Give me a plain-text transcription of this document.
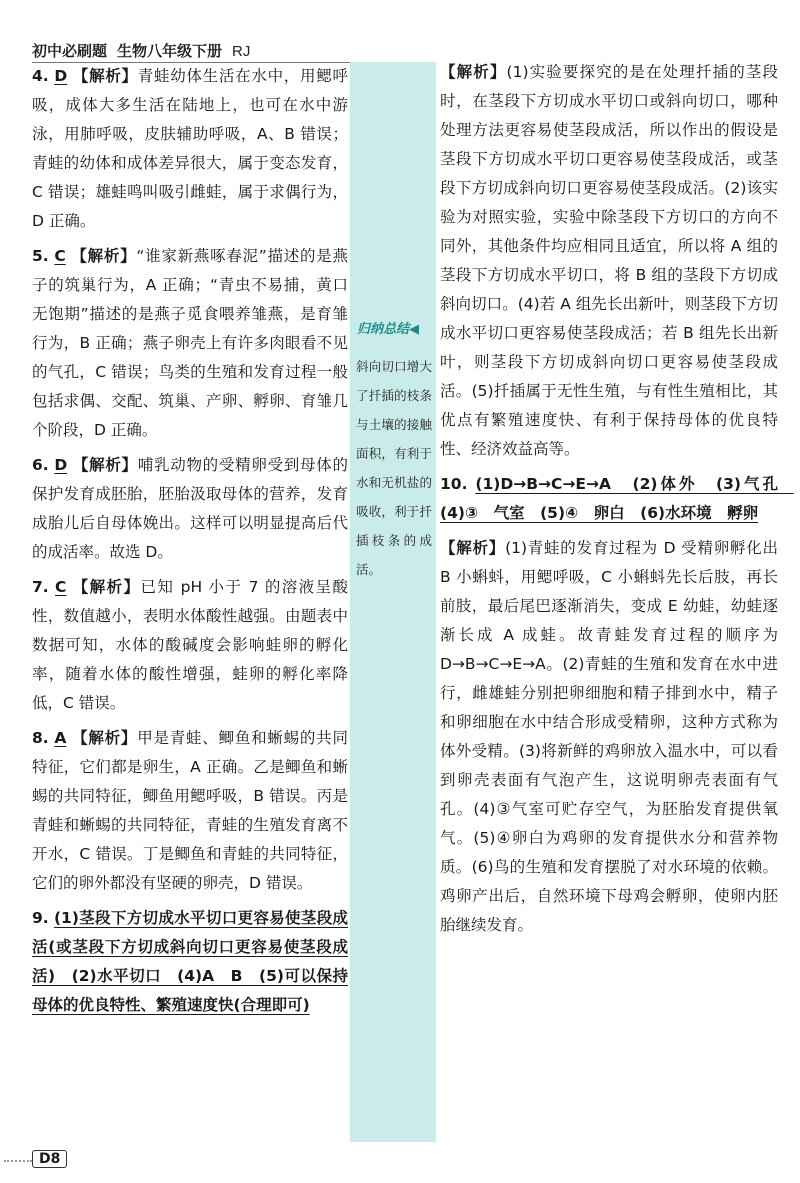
初中必刷题 生物八年级下册 RJ
归纳总结◀
斜向切口增大了扦插的枝条与土壤的接触面积，有利于水和无机盐的吸收，利于扦插枝条的成活。

4. D 【解析】青蛙幼体生活在水中，用鳃呼吸，成体大多生活在陆地上，也可在水中游泳，用肺呼吸，皮肤辅助呼吸，A、B 错误；青蛙的幼体和成体差异很大，属于变态发育，C 错误；雄蛙鸣叫吸引雌蛙，属于求偶行为，D 正确。

5. C 【解析】“谁家新燕啄春泥”描述的是燕子的筑巢行为，A 正确；“青虫不易捕，黄口无饱期”描述的是燕子觅食喂养雏燕，是育雏行为，B 正确；燕子卵壳上有许多肉眼看不见的气孔，C 错误；鸟类的生殖和发育过程一般包括求偶、交配、筑巢、产卵、孵卵、育雏几个阶段，D 正确。

6. D 【解析】哺乳动物的受精卵受到母体的保护发育成胚胎，胚胎汲取母体的营养，发育成胎儿后自母体娩出。这样可以明显提高后代的成活率。故选 D。

7. C 【解析】已知 pH 小于 7 的溶液呈酸性，数值越小，表明水体酸性越强。由题表中数据可知，水体的酸碱度会影响蛙卵的孵化率，随着水体的酸性增强，蛙卵的孵化率降低，C 错误。

8. A 【解析】甲是青蛙、鲫鱼和蜥蜴的共同特征，它们都是卵生，A 正确。乙是鲫鱼和蜥蜴的共同特征，鲫鱼用鳃呼吸，B 错误。丙是青蛙和蜥蜴的共同特征，青蛙的生殖发育离不开水，C 错误。丁是鲫鱼和青蛙的共同特征，它们的卵外都没有坚硬的卵壳，D 错误。

9. (1)茎段下方切成水平切口更容易使茎段成活(或茎段下方切成斜向切口更容易使茎段成活)　(2)水平切口　(4)A　B　(5)可以保持母体的优良特性、繁殖速度快(合理即可)

【解析】(1)实验要探究的是在处理扦插的茎段时，在茎段下方切成水平切口或斜向切口，哪种处理方法更容易使茎段成活，所以作出的假设是茎段下方切成水平切口更容易使茎段成活，或茎段下方切成斜向切口更容易使茎段成活。(2)该实验为对照实验，实验中除茎段下方切口的方向不同外，其他条件均应相同且适宜，所以将 A 组的茎段下方切成水平切口，将 B 组的茎段下方切成斜向切口。(4)若 A 组先长出新叶，则茎段下方切成水平切口更容易使茎段成活；若 B 组先长出新叶，则茎段下方切成斜向切口更容易使茎段成活。(5)扦插属于无性生殖，与有性生殖相比，其优点有繁殖速度快、有利于保持母体的优良特性、经济效益高等。

10. (1)D→B→C→E→A　(2)体外　(3)气孔　(4)③　气室　(5)④　卵白　(6)水环境　孵卵

【解析】(1)青蛙的发育过程为 D 受精卵孵化出 B 小蝌蚪，用鳃呼吸，C 小蝌蚪先长后肢，再长前肢，最后尾巴逐渐消失，变成 E 幼蛙，幼蛙逐渐长成 A 成蛙。故青蛙发育过程的顺序为 D→B→C→E→A。(2)青蛙的生殖和发育在水中进行，雌雄蛙分别把卵细胞和精子排到水中，精子和卵细胞在水中结合形成受精卵，这种方式称为体外受精。(3)将新鲜的鸡卵放入温水中，可以看到卵壳表面有气泡产生，这说明卵壳表面有气孔。(4)③气室可贮存空气，为胚胎发育提供氧气。(5)④卵白为鸡卵的发育提供水分和营养物质。(6)鸟的生殖和发育摆脱了对水环境的依赖。鸡卵产出后，自然环境下母鸡会孵卵，使卵内胚胎继续发育。

D8
